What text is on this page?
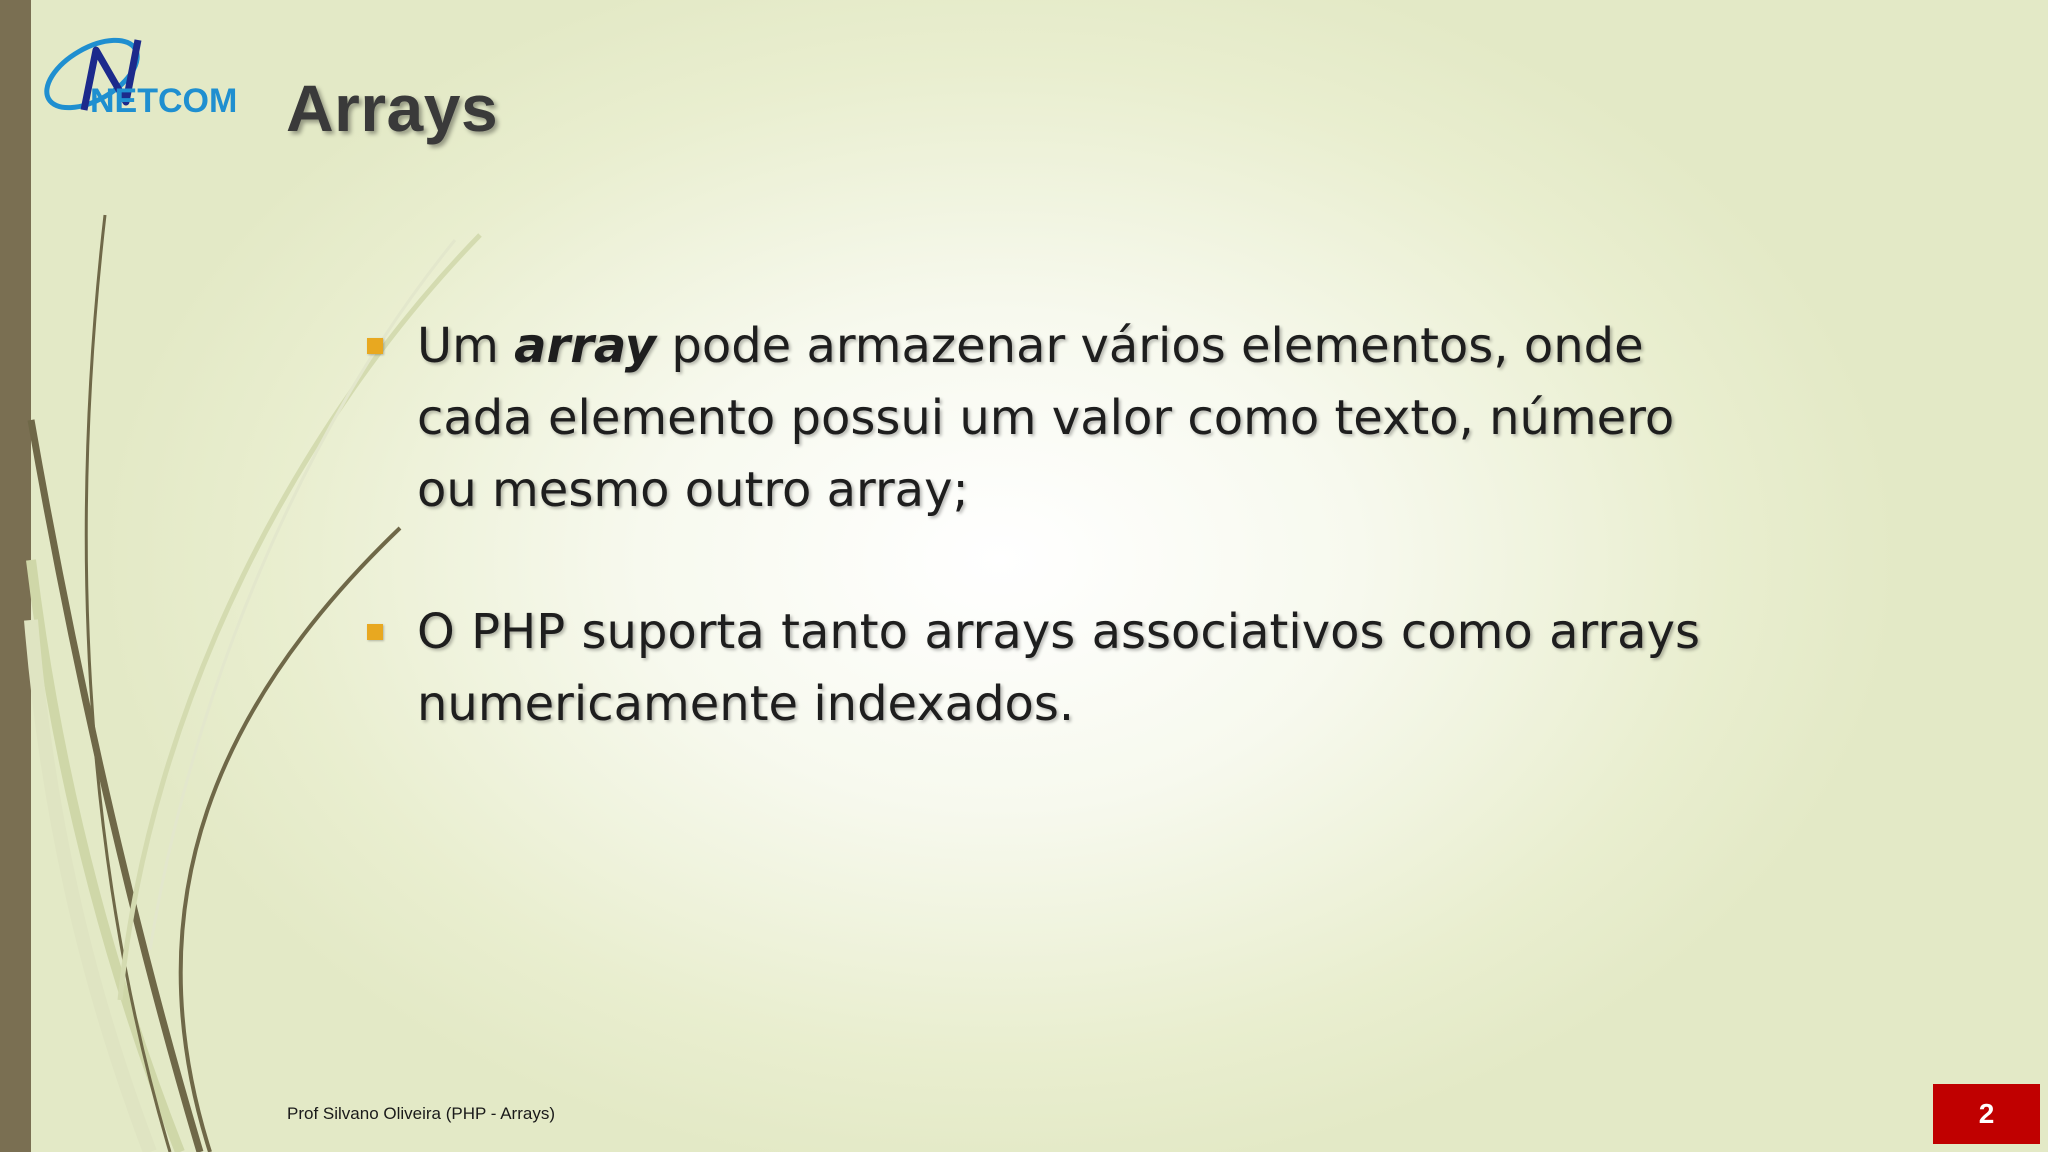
NETCOM Arrays
Um array pode armazenar vários elementos, onde cada elemento possui um valor como texto, número ou mesmo outro array;
O PHP suporta tanto arrays associativos como arrays numericamente indexados.
Prof Silvano Oliveira (PHP - Arrays)	2
